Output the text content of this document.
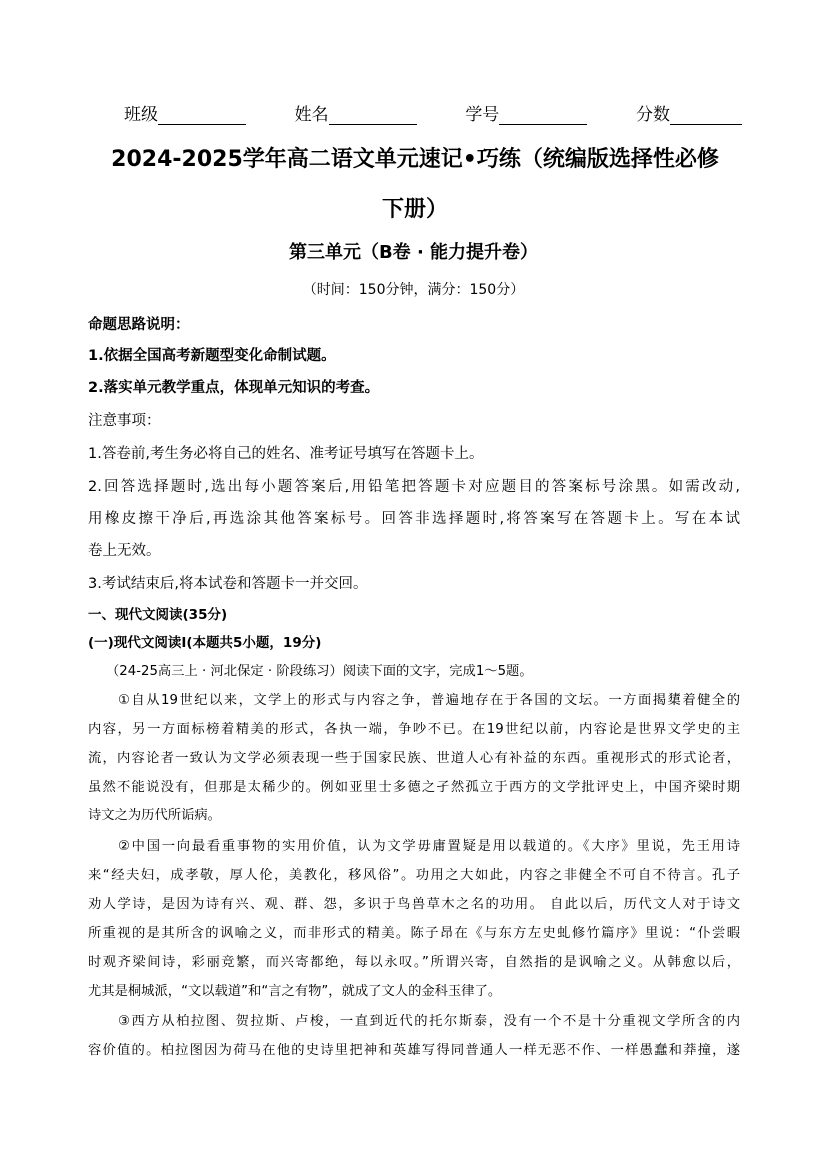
班级	姓名	学号	分数
2024-2025学年高二语文单元速记•巧练（统编版选择性必修
下册）
第三单元（B卷 · 能力提升卷）
（时间：150分钟，满分：150分）
命题思路说明：
1.依据全国高考新题型变化命制试题。
2.落实单元教学重点，体现单元知识的考查。
注意事项：
1.答卷前,考生务必将自己的姓名、准考证号填写在答题卡上。
2.回答选择题时,选出每小题答案后,用铅笔把答题卡对应题目的答案标号涂黑。如需改动,
用橡皮擦干净后,再选涂其他答案标号。回答非选择题时,将答案写在答题卡上。写在本试
卷上无效。
3.考试结束后,将本试卷和答题卡一并交回。
一、现代文阅读(35分)
(一)现代文阅读Ⅰ(本题共5小题，19分)
（24-25高三上 · 河北保定 · 阶段练习）阅读下面的文字，完成1～5题。
①自从19世纪以来，文学上的形式与内容之争，普遍地存在于各国的文坛。一方面揭橥着健全的
内容，另一方面标榜着精美的形式，各执一端，争吵不已。在19世纪以前，内容论是世界文学史的主
流，内容论者一致认为文学必须表现一些于国家民族、世道人心有补益的东西。重视形式的形式论者，
虽然不能说没有，但那是太稀少的。例如亚里士多德之孑然孤立于西方的文学批评史上，中国齐梁时期
诗文之为历代所诟病。
②中国一向最看重事物的实用价值，认为文学毋庸置疑是用以载道的。《大序》里说，先王用诗
来“经夫妇，成孝敬，厚人伦，美教化，移风俗”。功用之大如此，内容之非健全不可自不待言。孔子
劝人学诗，是因为诗有兴、观、群、怨，多识于鸟兽草木之名的功用。 自此以后，历代文人对于诗文
所重视的是其所含的讽喻之义，而非形式的精美。陈子昂在《与东方左史虬修竹篇序》里说：“仆尝暇
时观齐梁间诗，彩丽竞繁，而兴寄都绝，每以永叹。”所谓兴寄，自然指的是讽喻之义。从韩愈以后，
尤其是桐城派，“文以载道”和“言之有物”，就成了文人的金科玉律了。
③西方从柏拉图、贺拉斯、卢梭，一直到近代的托尔斯泰，没有一个不是十分重视文学所含的内
容价值的。柏拉图因为荷马在他的史诗里把神和英雄写得同普通人一样无恶不作、一样愚蠢和莽撞，遂
